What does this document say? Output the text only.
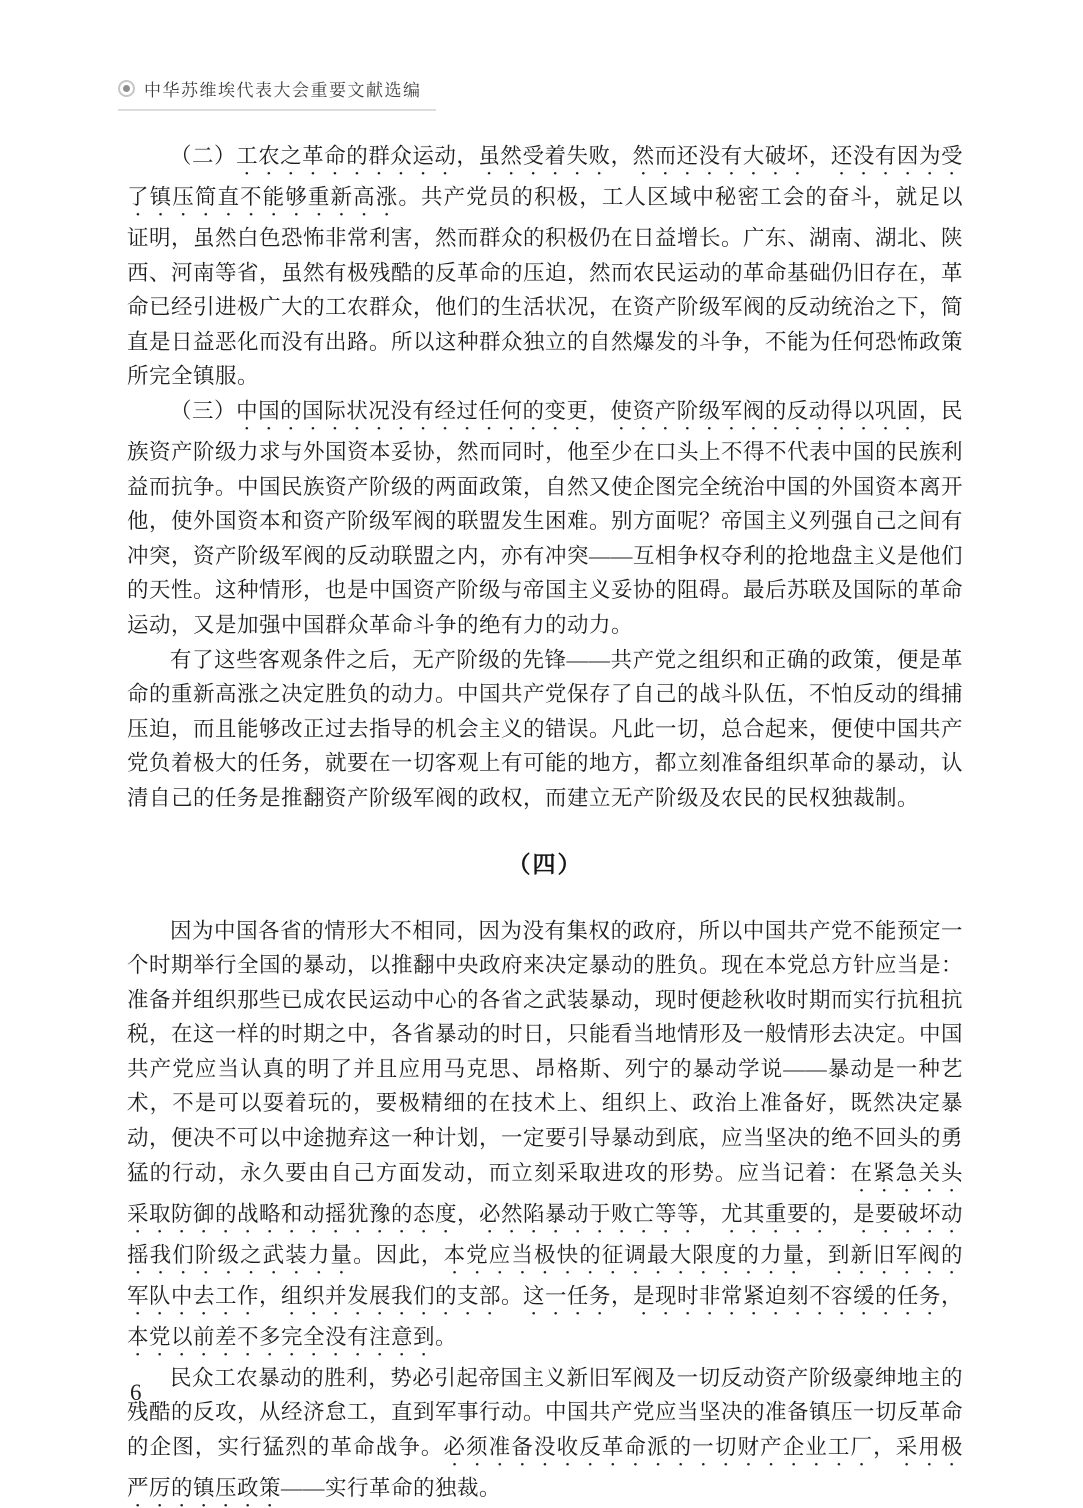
中华苏维埃代表大会重要文献选编

（二）工农之革命的群众运动，虽然受着失败，然而还没有大破坏，还没有因为受了镇压简直不能够重新高涨。共产党员的积极，工人区域中秘密工会的奋斗，就足以证明，虽然白色恐怖非常利害，然而群众的积极仍在日益增长。广东、湖南、湖北、陕西、河南等省，虽然有极残酷的反革命的压迫，然而农民运动的革命基础仍旧存在，革命已经引进极广大的工农群众，他们的生活状况，在资产阶级军阀的反动统治之下，简直是日益恶化而没有出路。所以这种群众独立的自然爆发的斗争，不能为任何恐怖政策所完全镇服。

（三）中国的国际状况没有经过任何的变更，使资产阶级军阀的反动得以巩固，民族资产阶级力求与外国资本妥协，然而同时，他至少在口头上不得不代表中国的民族利益而抗争。中国民族资产阶级的两面政策，自然又使企图完全统治中国的外国资本离开他，使外国资本和资产阶级军阀的联盟发生困难。别方面呢？帝国主义列强自己之间有冲突，资产阶级军阀的反动联盟之内，亦有冲突——互相争权夺利的抢地盘主义是他们的天性。这种情形，也是中国资产阶级与帝国主义妥协的阻碍。最后苏联及国际的革命运动，又是加强中国群众革命斗争的绝有力的动力。

有了这些客观条件之后，无产阶级的先锋——共产党之组织和正确的政策，便是革命的重新高涨之决定胜负的动力。中国共产党保存了自己的战斗队伍，不怕反动的缉捕压迫，而且能够改正过去指导的机会主义的错误。凡此一切，总合起来，便使中国共产党负着极大的任务，就要在一切客观上有可能的地方，都立刻准备组织革命的暴动，认清自己的任务是推翻资产阶级军阀的政权，而建立无产阶级及农民的民权独裁制。

（四）

因为中国各省的情形大不相同，因为没有集权的政府，所以中国共产党不能预定一个时期举行全国的暴动，以推翻中央政府来决定暴动的胜负。现在本党总方针应当是：准备并组织那些已成农民运动中心的各省之武装暴动，现时便趁秋收时期而实行抗租抗税，在这一样的时期之中，各省暴动的时日，只能看当地情形及一般情形去决定。中国共产党应当认真的明了并且应用马克思、昂格斯、列宁的暴动学说——暴动是一种艺术，不是可以耍着玩的，要极精细的在技术上、组织上、政治上准备好，既然决定暴动，便决不可以中途抛弃这一种计划，一定要引导暴动到底，应当坚决的绝不回头的勇猛的行动，永久要由自己方面发动，而立刻采取进攻的形势。应当记着：在紧急关头采取防御的战略和动摇犹豫的态度，必然陷暴动于败亡等等，尤其重要的，是要破坏动摇我们阶级之武装力量。因此，本党应当极快的征调最大限度的力量，到新旧军阀的军队中去工作，组织并发展我们的支部。这一任务，是现时非常紧迫刻不容缓的任务，本党以前差不多完全没有注意到。

民众工农暴动的胜利，势必引起帝国主义新旧军阀及一切反动资产阶级豪绅地主的残酷的反攻，从经济怠工，直到军事行动。中国共产党应当坚决的准备镇压一切反革命的企图，实行猛烈的革命战争。必须准备没收反革命派的一切财产企业工厂，采用极严厉的镇压政策——实行革命的独裁。

6
